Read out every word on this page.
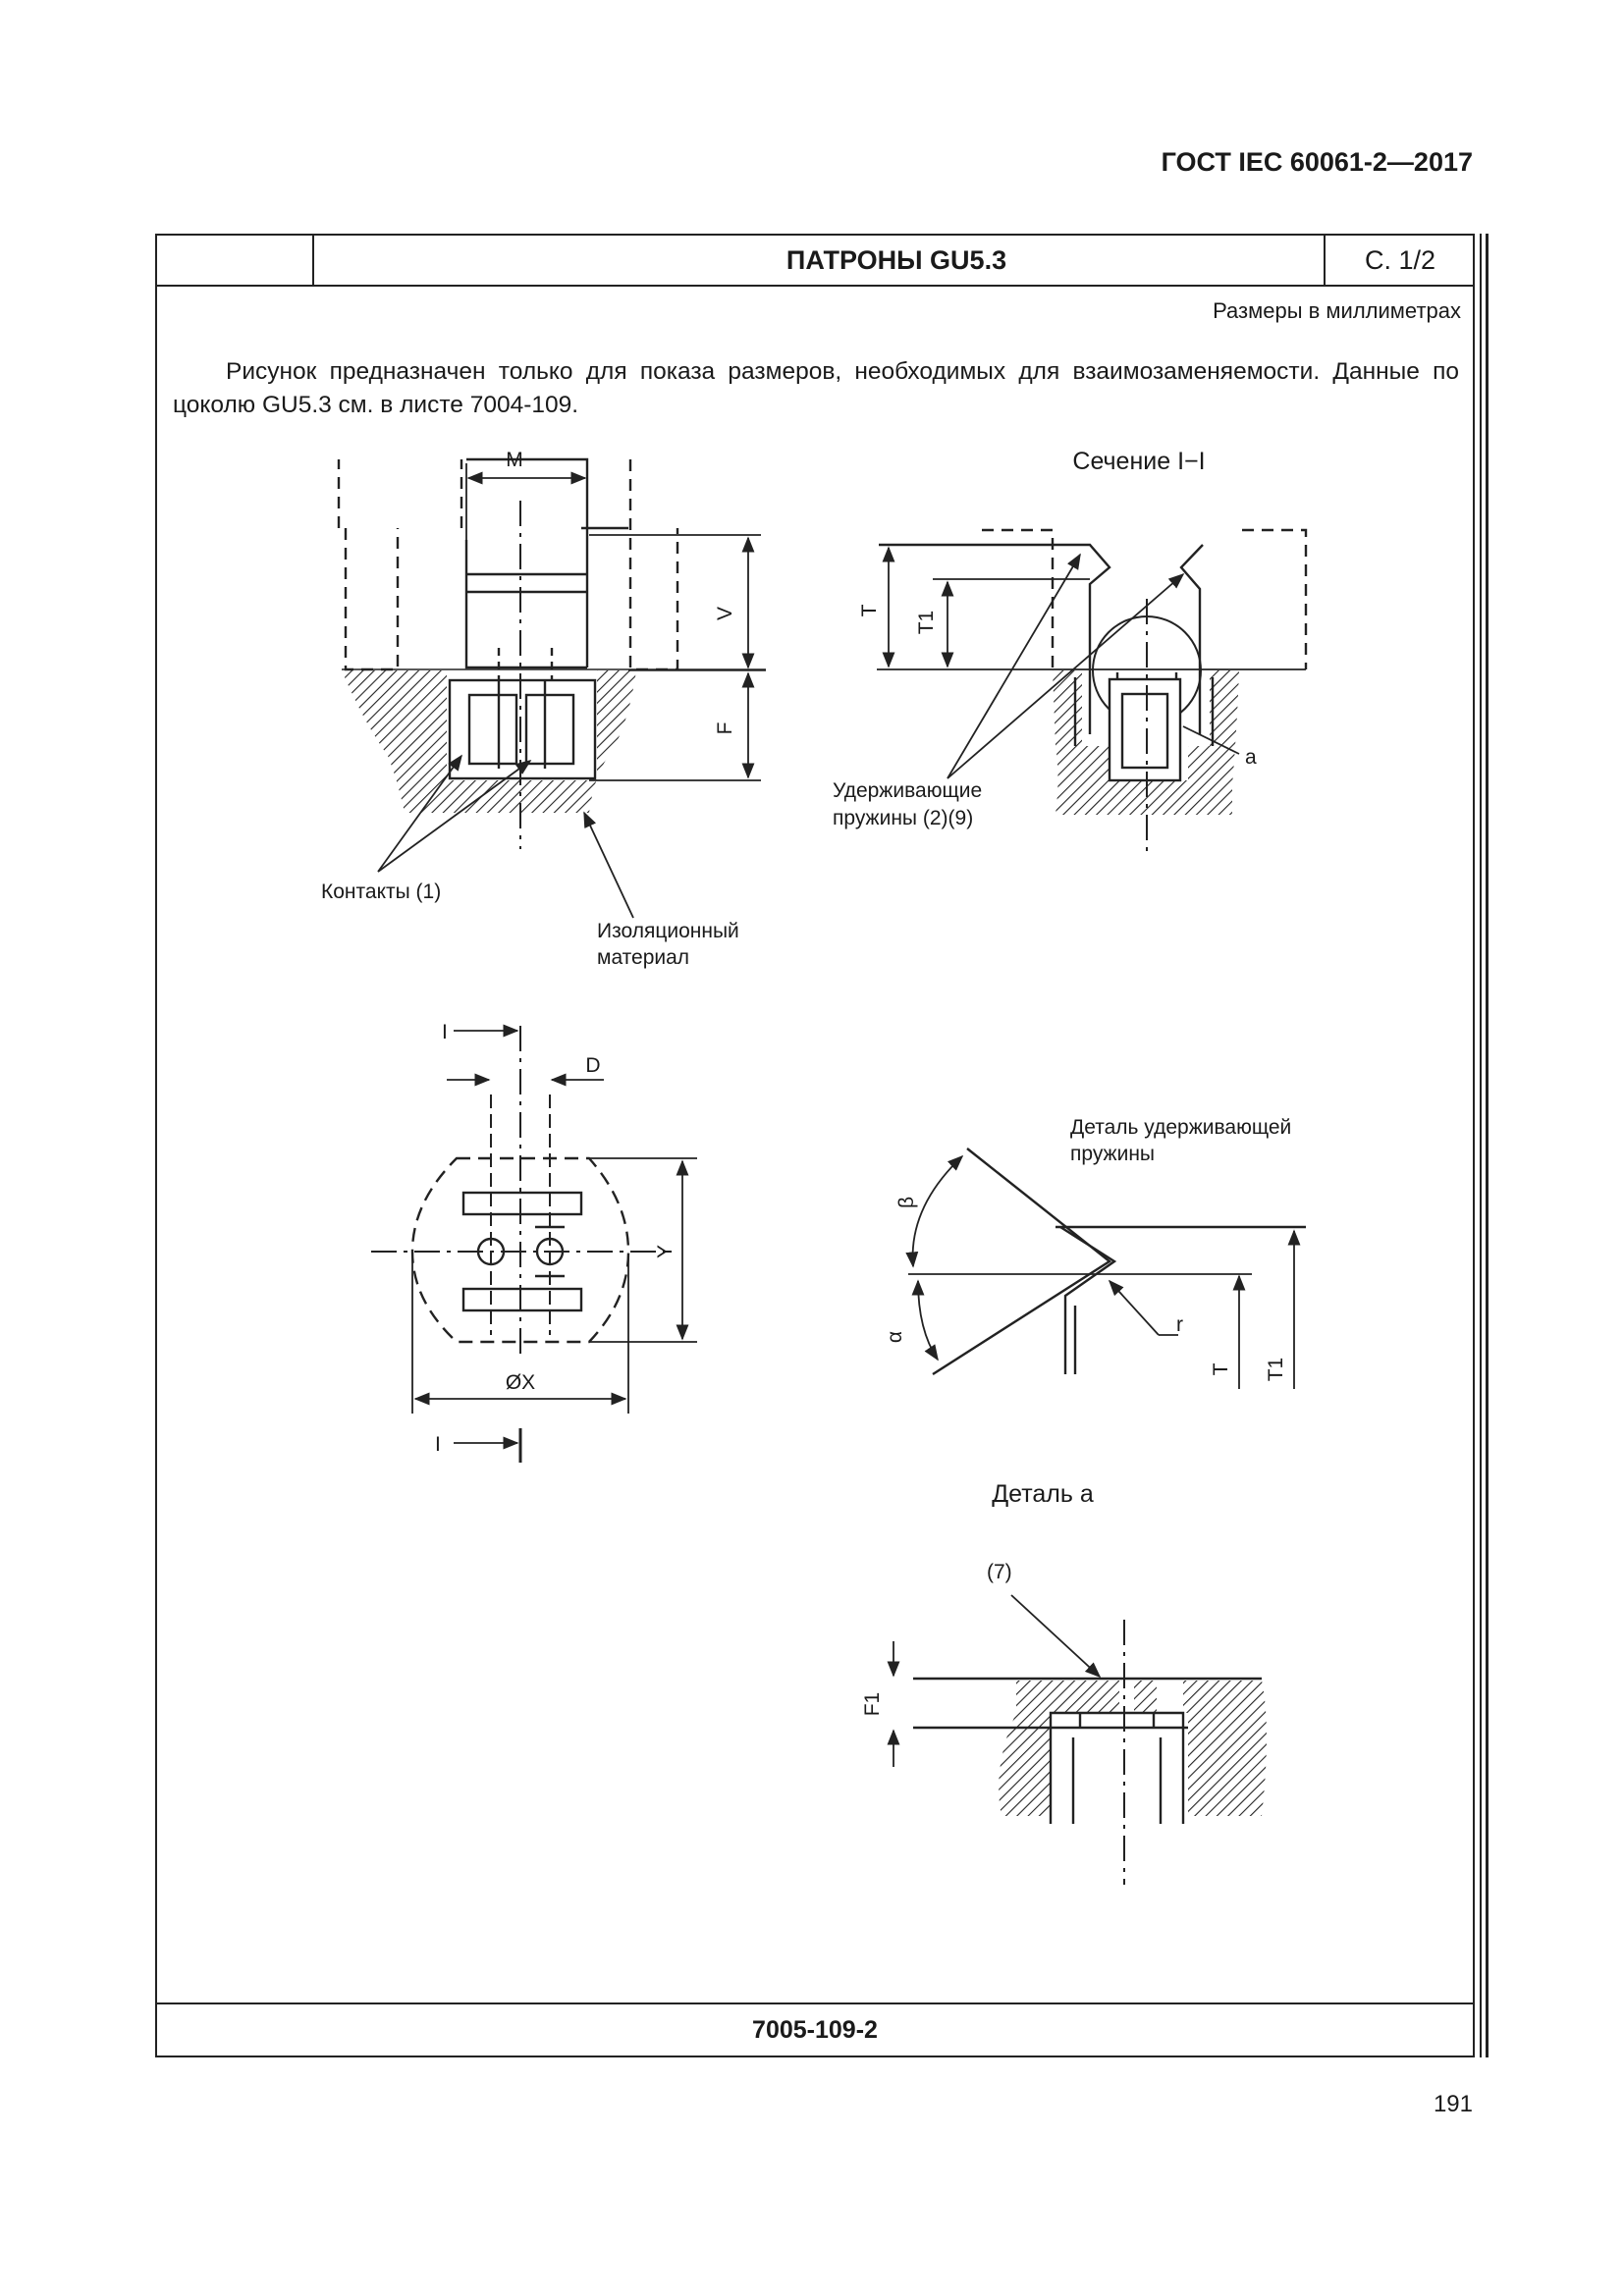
ГОСТ IEC 60061-2—2017
ПАТРОНЫ GU5.3	С. 1/2
Размеры в миллиметрах
Рисунок предназначен только для показа размеров, необходимых для взаимозаменяемости. Данные по цоколю GU5.3 см. в листе 7004-109.
7005-109-2
191
M
V
F
Контакты (1)
Изоляционный
материал
Сечение I−I
T T1
a
Удерживающие
пружины (2)(9)
I
I
D
Y
ØX
Деталь удерживающей
пружины
β
α
r
T T1
Деталь а
(7)
F1
